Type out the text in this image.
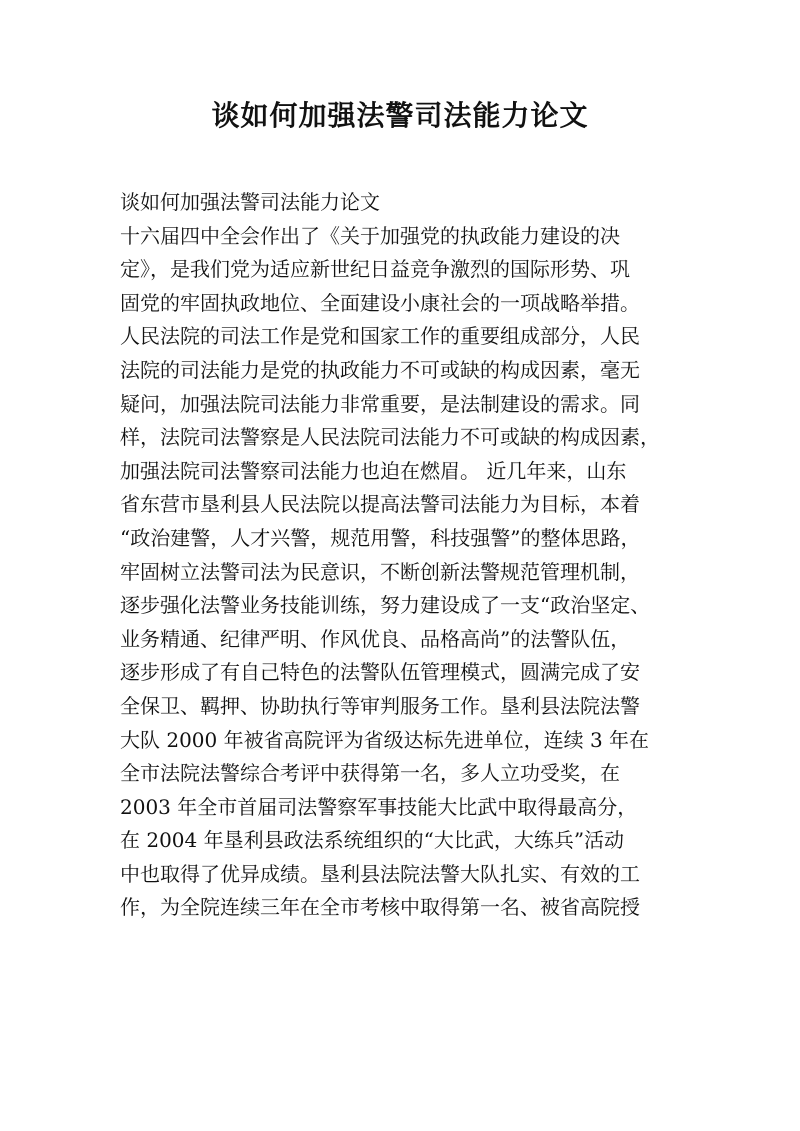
谈如何加强法警司法能力论文
谈如何加强法警司法能力论文
十六届四中全会作出了《关于加强党的执政能力建设的决
定》，是我们党为适应新世纪日益竞争激烈的国际形势、巩
固党的牢固执政地位、全面建设小康社会的一项战略举措。
人民法院的司法工作是党和国家工作的重要组成部分，人民
法院的司法能力是党的执政能力不可或缺的构成因素，毫无
疑问，加强法院司法能力非常重要，是法制建设的需求。同
样，法院司法警察是人民法院司法能力不可或缺的构成因素，
加强法院司法警察司法能力也迫在燃眉。 近几年来，山东
省东营市垦利县人民法院以提高法警司法能力为目标，本着
“政治建警，人才兴警，规范用警，科技强警”的整体思路，
牢固树立法警司法为民意识，不断创新法警规范管理机制，
逐步强化法警业务技能训练，努力建设成了一支“政治坚定、
业务精通、纪律严明、作风优良、品格高尚”的法警队伍，
逐步形成了有自己特色的法警队伍管理模式，圆满完成了安
全保卫、羁押、协助执行等审判服务工作。垦利县法院法警
大队 2000 年被省高院评为省级达标先进单位，连续 3 年在
全市法院法警综合考评中获得第一名，多人立功受奖，在
2003 年全市首届司法警察军事技能大比武中取得最高分，
在 2004 年垦利县政法系统组织的“大比武，大练兵”活动
中也取得了优异成绩。垦利县法院法警大队扎实、有效的工
作，为全院连续三年在全市考核中取得第一名、被省高院授
